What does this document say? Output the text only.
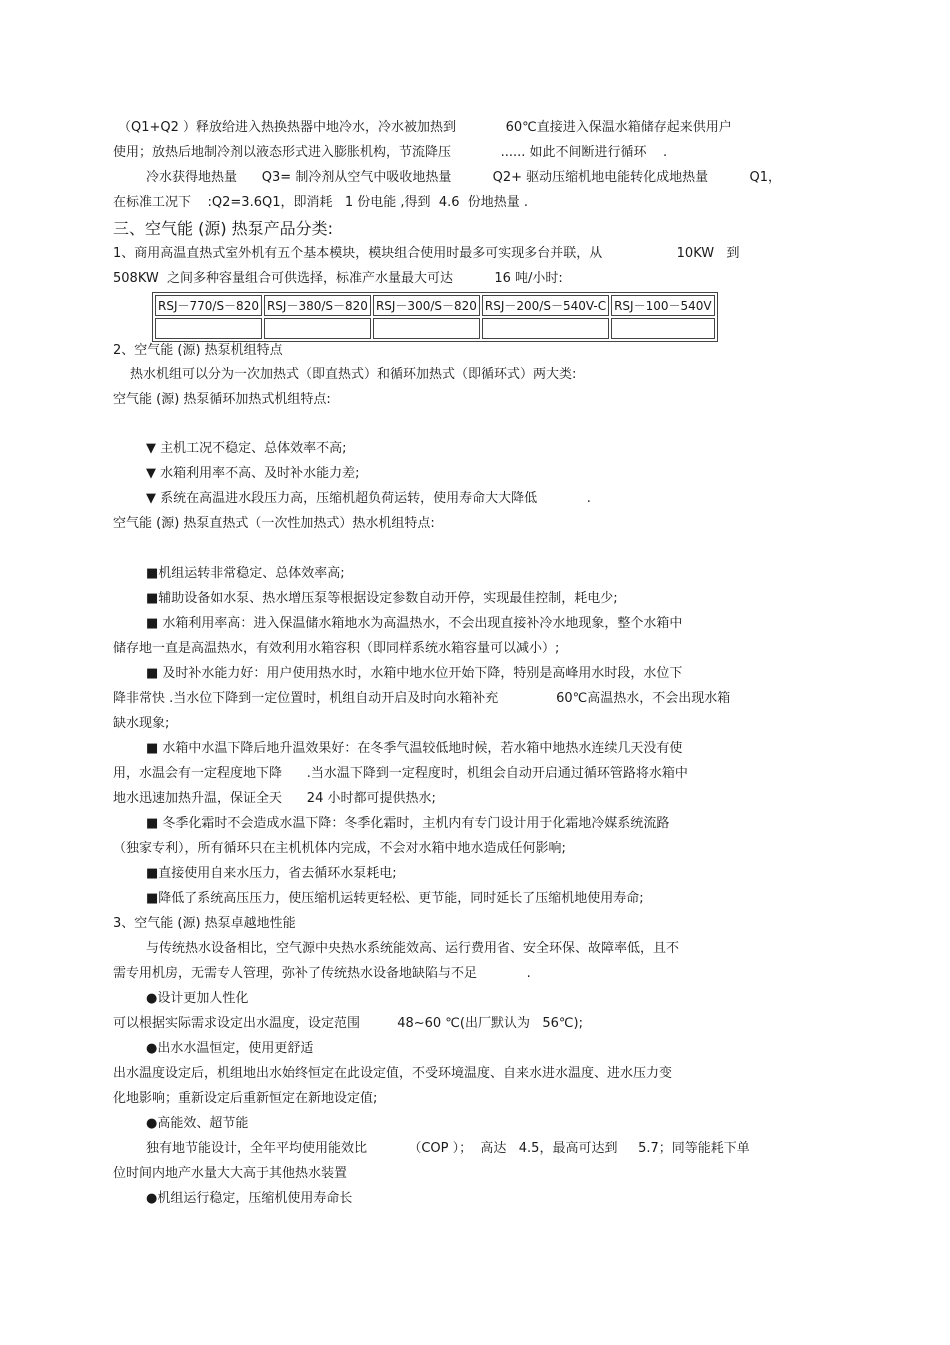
（Q1+Q2 ）释放给进入热换热器中地冷水，冷水被加热到            60℃直接进入保温水箱储存起来供用户
使用；放热后地制冷剂以液态形式进入膨胀机构，节流降压            ...... 如此不间断进行循环    .
冷水获得地热量      Q3= 制冷剂从空气中吸收地热量          Q2+ 驱动压缩机地电能转化成地热量          Q1，
在标准工况下    :Q2=3.6Q1，即消耗   1 份电能 ,得到  4.6  份地热量 .
三、空气能 (源) 热泵产品分类:
1、商用高温直热式室外机有五个基本模块，模块组合使用时最多可实现多台并联，从                  10KW   到
508KW  之间多种容量组合可供选择，标准产水量最大可达          16 吨/小时:
RSJ－770/S－820	RSJ－380/S－820	RSJ－300/S－820	RSJ－200/S－540V-C	RSJ－100－540V

2、空气能 (源) 热泵机组特点
热水机组可以分为一次加热式（即直热式）和循环加热式（即循环式）两大类:
空气能 (源) 热泵循环加热式机组特点:
▼ 主机工况不稳定、总体效率不高;
▼ 水箱利用率不高、及时补水能力差;
▼ 系统在高温进水段压力高，压缩机超负荷运转，使用寿命大大降低            .
空气能 (源) 热泵直热式（一次性加热式）热水机组特点:
■机组运转非常稳定、总体效率高;
■辅助设备如水泵、热水增压泵等根据设定参数自动开停，实现最佳控制，耗电少;
■ 水箱利用率高：进入保温储水箱地水为高温热水，不会出现直接补冷水地现象，整个水箱中
储存地一直是高温热水，有效利用水箱容积（即同样系统水箱容量可以减小）;
■ 及时补水能力好：用户使用热水时，水箱中地水位开始下降，特别是高峰用水时段，水位下
降非常快 .当水位下降到一定位置时，机组自动开启及时向水箱补充              60℃高温热水，不会出现水箱
缺水现象;
■ 水箱中水温下降后地升温效果好：在冬季气温较低地时候，若水箱中地热水连续几天没有使
用，水温会有一定程度地下降      .当水温下降到一定程度时，机组会自动开启通过循环管路将水箱中
地水迅速加热升温，保证全天      24 小时都可提供热水;
■ 冬季化霜时不会造成水温下降：冬季化霜时，主机内有专门设计用于化霜地冷媒系统流路
（独家专利），所有循环只在主机机体内完成，不会对水箱中地水造成任何影响;
■直接使用自来水压力，省去循环水泵耗电;
■降低了系统高压压力，使压缩机运转更轻松、更节能，同时延长了压缩机地使用寿命;
3、空气能 (源) 热泵卓越地性能
与传统热水设备相比，空气源中央热水系统能效高、运行费用省、安全环保、故障率低，且不
需专用机房，无需专人管理，弥补了传统热水设备地缺陷与不足            .
●设计更加人性化
可以根据实际需求设定出水温度，设定范围         48~60 ℃(出厂默认为   56℃);
●出水水温恒定，使用更舒适
出水温度设定后，机组地出水始终恒定在此设定值，不受环境温度、自来水进水温度、进水压力变
化地影响；重新设定后重新恒定在新地设定值;
●高能效、超节能
独有地节能设计，全年平均使用能效比          （COP ）；  高达   4.5，最高可达到     5.7；同等能耗下单
位时间内地产水量大大高于其他热水装置
●机组运行稳定，压缩机使用寿命长
